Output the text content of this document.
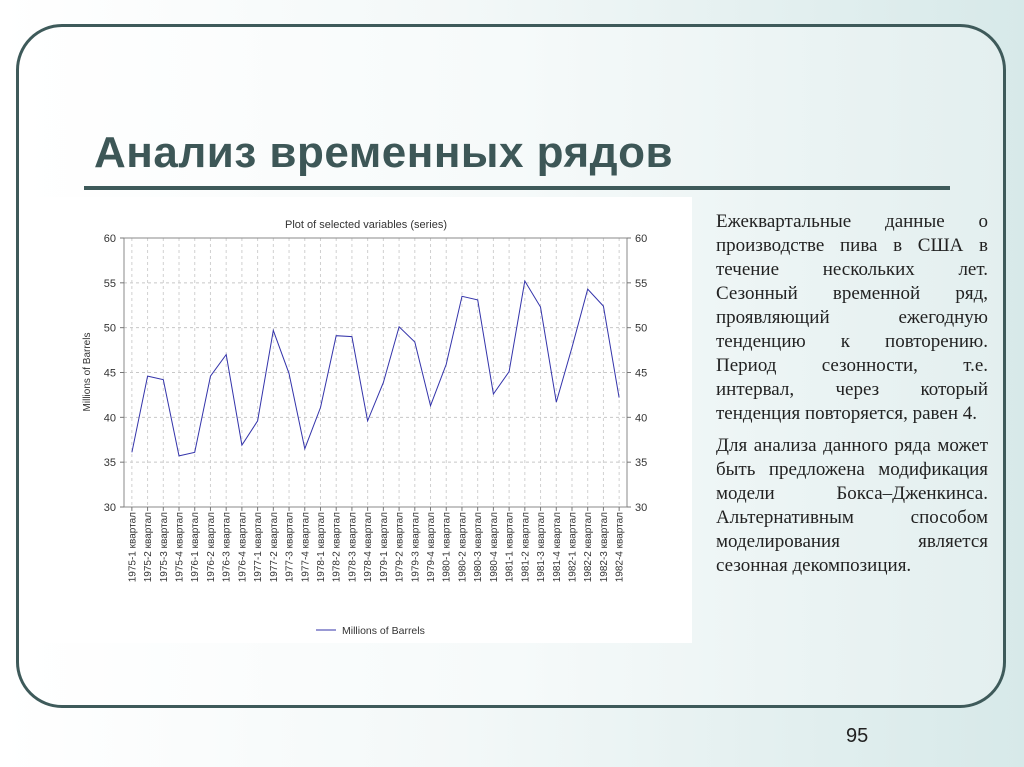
Анализ временных рядов
Plot of selected variables (series)
30
35
40
45
50
55
60
30
35
40
45
50
55
60
Millions of Barrels
1975-1 квартал 1975-2 квартал 1975-3 квартал 1975-4 квартал 1976-1 квартал 1976-2 квартал 1976-3 квартал 1976-4 квартал 1977-1 квартал 1977-2 квартал 1977-3 квартал 1977-4 квартал 1978-1 квартал 1978-2 квартал 1978-3 квартал 1978-4 квартал 1979-1 квартал 1979-2 квартал 1979-3 квартал 1979-4 квартал 1980-1 квартал 1980-2 квартал 1980-3 квартал 1980-4 квартал 1981-1 квартал 1981-2 квартал 1981-3 квартал 1981-4 квартал 1982-1 квартал 1982-2 квартал 1982-3 квартал 1982-4 квартал
Millions of Barrels

Ежеквартальные данные о производстве пива в США в течение нескольких лет. Сезонный временной ряд, проявляющий ежегодную тенденцию к повторению. Период сезонности, т.е. интервал, через который тенденция повторяется, равен 4.

Для анализа данного ряда может быть предложена модификация модели Бокса–Дженкинса. Альтернативным способом моделирования является сезонная декомпозиция.

95
